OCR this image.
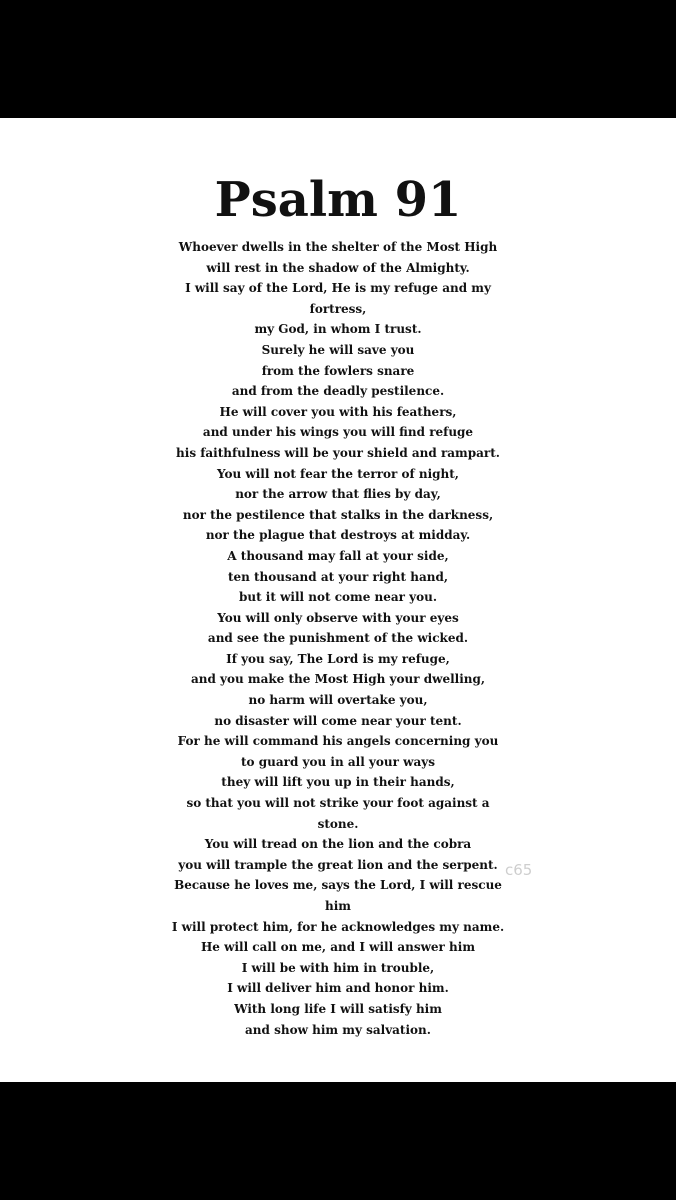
Psalm 91
Whoever dwells in the shelter of the Most High
will rest in the shadow of the Almighty.
I will say of the Lord, He is my refuge and my
fortress,
my God, in whom I trust.
Surely he will save you
from the fowlers snare
and from the deadly pestilence.
He will cover you with his feathers,
and under his wings you will find refuge
his faithfulness will be your shield and rampart.
You will not fear the terror of night,
nor the arrow that flies by day,
nor the pestilence that stalks in the darkness,
nor the plague that destroys at midday.
A thousand may fall at your side,
ten thousand at your right hand,
but it will not come near you.
You will only observe with your eyes
and see the punishment of the wicked.
If you say, The Lord is my refuge,
and you make the Most High your dwelling,
no harm will overtake you,
no disaster will come near your tent.
For he will command his angels concerning you
to guard you in all your ways
they will lift you up in their hands,
so that you will not strike your foot against a
stone.
You will tread on the lion and the cobra
you will trample the great lion and the serpent.
Because he loves me, says the Lord, I will rescue
him
I will protect him, for he acknowledges my name.
He will call on me, and I will answer him
I will be with him in trouble,
I will deliver him and honor him.
With long life I will satisfy him
and show him my salvation.
c65
